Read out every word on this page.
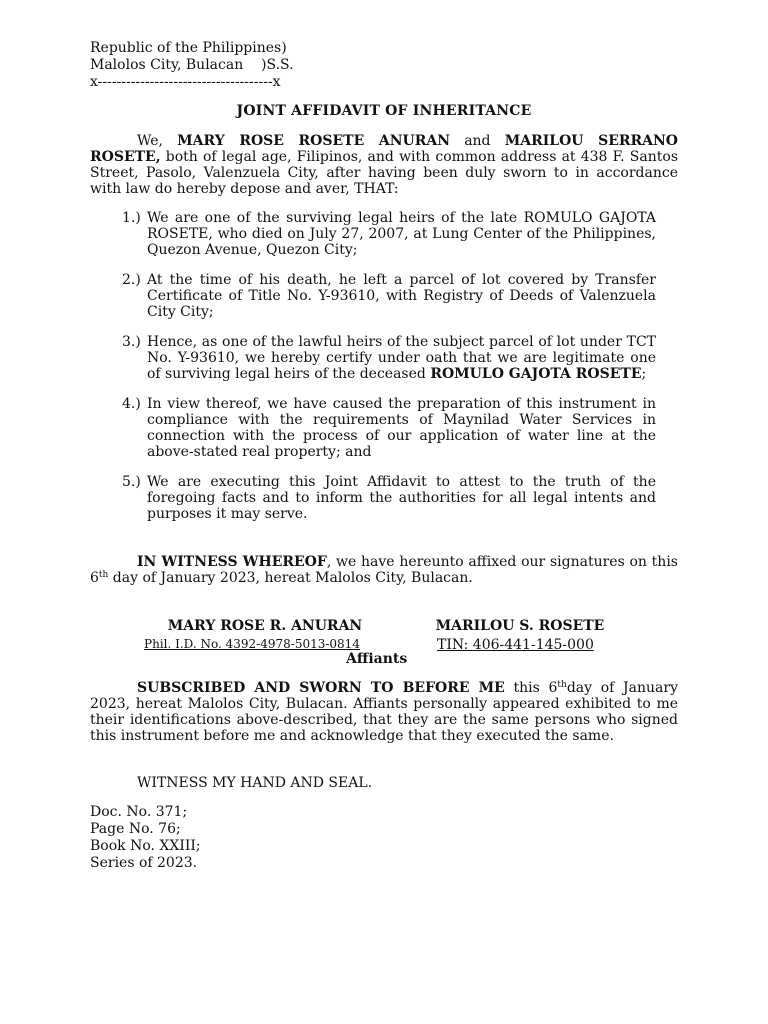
Republic of the Philippines)
Malolos City, Bulacan    )S.S.
x-------------------------------------x
JOINT AFFIDAVIT OF INHERITANCE

We, MARY ROSE ROSETE ANURAN and MARILOU SERRANO ROSETE, both of legal age, Filipinos, and with common address at 438 F. Santos Street, Pasolo, Valenzuela City, after having been duly sworn to in accordance with law do hereby depose and aver, THAT:

1.) We are one of the surviving legal heirs of the late ROMULO GAJOTA ROSETE, who died on July 27, 2007, at Lung Center of the Philippines, Quezon Avenue, Quezon City;
2.) At the time of his death, he left a parcel of lot covered by Transfer Certificate of Title No. Y-93610, with Registry of Deeds of Valenzuela City City;
3.) Hence, as one of the lawful heirs of the subject parcel of lot under TCT No. Y-93610, we hereby certify under oath that we are legitimate one of surviving legal heirs of the deceased ROMULO GAJOTA ROSETE;
4.) In view thereof, we have caused the preparation of this instrument in compliance with the requirements of Maynilad Water Services in connection with the process of our application of water line at the above-stated real property; and
5.) We are executing this Joint Affidavit to attest to the truth of the foregoing facts and to inform the authorities for all legal intents and purposes it may serve.

IN WITNESS WHEREOF, we have hereunto affixed our signatures on this 6th day of January 2023, hereat Malolos City, Bulacan.

MARY ROSE R. ANURAN	MARILOU S. ROSETE
Phil. I.D. No. 4392-4978-5013-0814	TIN: 406-441-145-000
Affiants

SUBSCRIBED AND SWORN TO BEFORE ME this 6thday of January 2023, hereat Malolos City, Bulacan. Affiants personally appeared exhibited to me their identifications above-described, that they are the same persons who signed this instrument before me and acknowledge that they executed the same.

WITNESS MY HAND AND SEAL.
Doc. No. 371;
Page No. 76;
Book No. XXIII;
Series of 2023.
